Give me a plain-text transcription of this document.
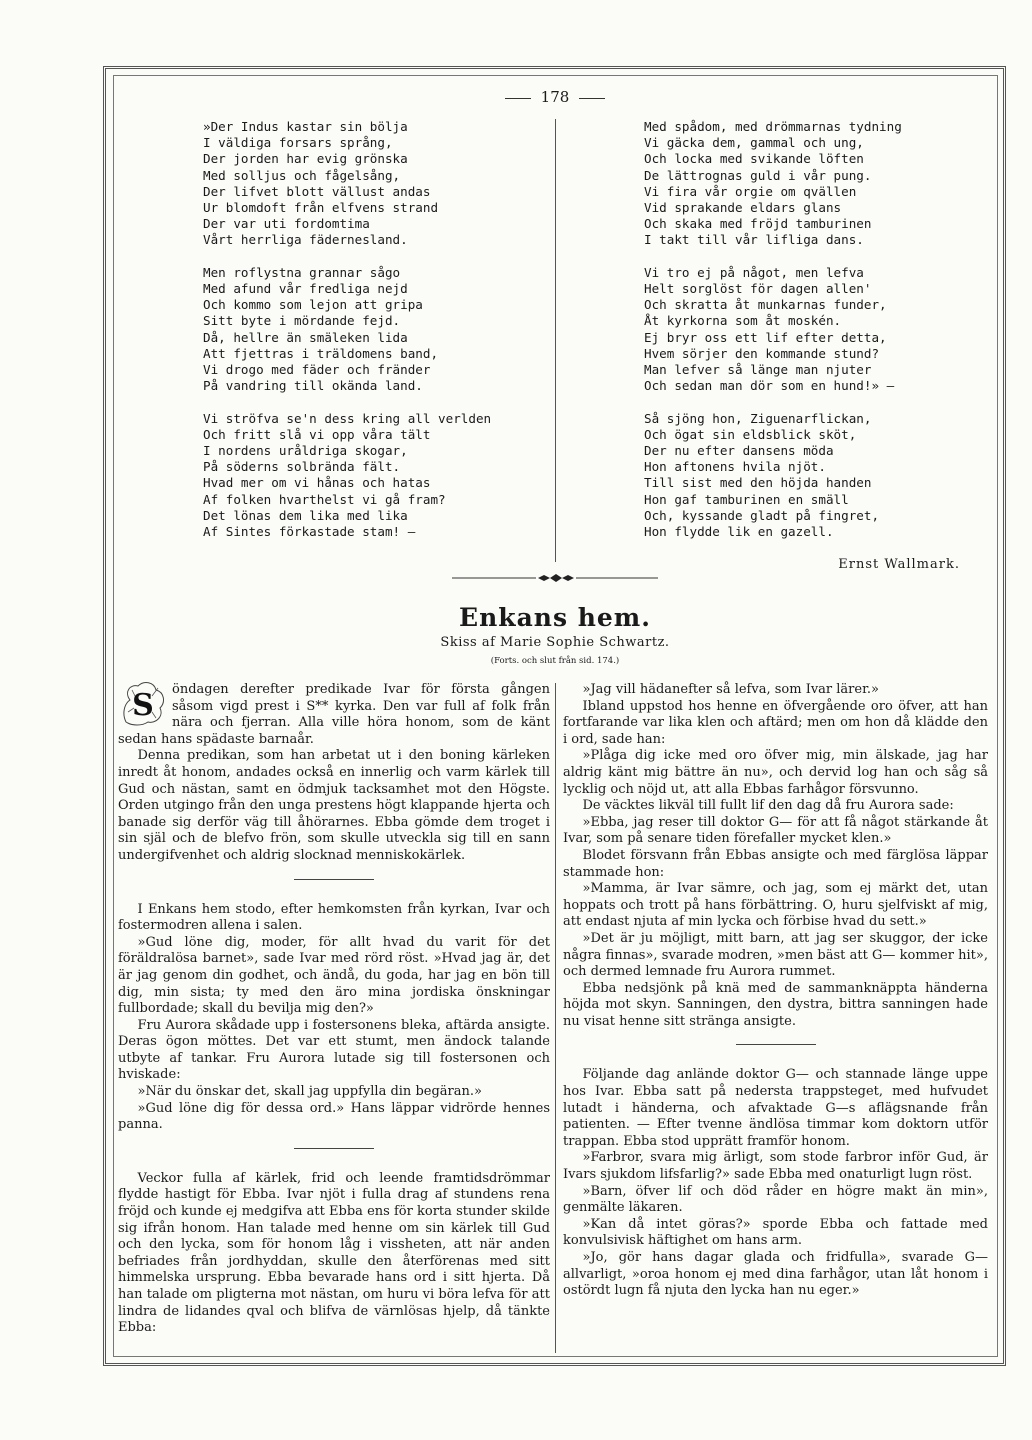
178
»Der Indus kastar sin bölja
I väldiga forsars språng,
Der jorden har evig grönska
Med solljus och fågelsång,
Der lifvet blott vällust andas
Ur blomdoft från elfvens strand
Der var uti fordomtima
Vårt herrliga fädernesland.
Men roflystna grannar sågo
Med afund vår fredliga nejd
Och kommo som lejon att gripa
Sitt byte i mördande fejd.
Då, hellre än smäleken lida
Att fjettras i träldomens band,
Vi drogo med fäder och fränder
På vandring till okända land.
Vi ströfva se'n dess kring all verlden
Och fritt slå vi opp våra tält
I nordens uråldriga skogar,
På söderns solbrända fält.
Hvad mer om vi hånas och hatas
Af folken hvarthelst vi gå fram?
Det lönas dem lika med lika
Af Sintes förkastade stam! —
Med spådom, med drömmarnas tydning
Vi gäcka dem, gammal och ung,
Och locka med svikande löften
De lättrognas guld i vår pung.
Vi fira vår orgie om qvällen
Vid sprakande eldars glans
Och skaka med fröjd tamburinen
I takt till vår lifliga dans.
Vi tro ej på något, men lefva
Helt sorglöst för dagen allen'
Och skratta åt munkarnas funder,
Åt kyrkorna som åt moskén.
Ej bryr oss ett lif efter detta,
Hvem sörjer den kommande stund?
Man lefver så länge man njuter
Och sedan man dör som en hund!» —
Så sjöng hon, Ziguenarflickan,
Och ögat sin eldsblick sköt,
Der nu efter dansens möda
Hon aftonens hvila njöt.
Till sist med den höjda handen
Hon gaf tamburinen en smäll
Och, kyssande gladt på fingret,
Hon flydde lik en gazell.
Ernst Wallmark.
Enkans hem.
Skiss af Marie Sophie Schwartz.
(Forts. och slut från sid. 174.)
S	öndagen derefter predikade Ivar för första gången såsom vigd prest i S** kyrka. Den var full af folk från nära och fjerran. Alla ville höra honom, som de känt sedan hans spädaste barnaår.

Denna predikan, som han arbetat ut i den boning kärleken inredt åt honom, andades också en innerlig och varm kärlek till Gud och nästan, samt en ödmjuk tacksamhet mot den Högste. Orden utgingo från den unga prestens högt klappande hjerta och banade sig derför väg till åhörarnes. Ebba gömde dem troget i sin själ och de blefvo frön, som skulle utveckla sig till en sann undergifvenhet och aldrig slocknad menniskokärlek.

I Enkans hem stodo, efter hemkomsten från kyrkan, Ivar och fostermodren allena i salen.

»Gud löne dig, moder, för allt hvad du varit för det föräldralösa barnet», sade Ivar med rörd röst. »Hvad jag är, det är jag genom din godhet, och ändå, du goda, har jag en bön till dig, min sista; ty med den äro mina jordiska önskningar fullbordade; skall du bevilja mig den?»

Fru Aurora skådade upp i fostersonens bleka, aftärda ansigte. Deras ögon möttes. Det var ett stumt, men ändock talande utbyte af tankar. Fru Aurora lutade sig till fostersonen och hviskade:

»När du önskar det, skall jag uppfylla din begäran.»

»Gud löne dig för dessa ord.» Hans läppar vidrörde hennes panna.

Veckor fulla af kärlek, frid och leende framtidsdrömmar flydde hastigt för Ebba. Ivar njöt i fulla drag af stundens rena fröjd och kunde ej medgifva att Ebba ens för korta stunder skilde sig ifrån honom. Han talade med henne om sin kärlek till Gud och den lycka, som för honom låg i vissheten, att när anden befriades från jordhyddan, skulle den återförenas med sitt himmelska ursprung. Ebba bevarade hans ord i sitt hjerta. Då han talade om pligterna mot nästan, om huru vi böra lefva för att lindra de lidandes qval och blifva de värnlösas hjelp, då tänkte Ebba:

»Jag vill hädanefter så lefva, som Ivar lärer.»

Ibland uppstod hos henne en öfvergående oro öfver, att han fortfarande var lika klen och aftärd; men om hon då klädde den i ord, sade han:

»Plåga dig icke med oro öfver mig, min älskade, jag har aldrig känt mig bättre än nu», och dervid log han och såg så lycklig och nöjd ut, att alla Ebbas farhågor försvunno.

De väcktes likväl till fullt lif den dag då fru Aurora sade:

»Ebba, jag reser till doktor G— för att få något stärkande åt Ivar, som på senare tiden förefaller mycket klen.»

Blodet försvann från Ebbas ansigte och med färglösa läppar stammade hon:

»Mamma, är Ivar sämre, och jag, som ej märkt det, utan hoppats och trott på hans förbättring. O, huru sjelfviskt af mig, att endast njuta af min lycka och förbise hvad du sett.»

»Det är ju möjligt, mitt barn, att jag ser skuggor, der icke några finnas», svarade modren, »men bäst att G— kommer hit», och dermed lemnade fru Aurora rummet.

Ebba nedsjönk på knä med de sammanknäppta händerna höjda mot skyn. Sanningen, den dystra, bittra sanningen hade nu visat henne sitt stränga ansigte.

Följande dag anlände doktor G— och stannade länge uppe hos Ivar. Ebba satt på nedersta trappsteget, med hufvudet lutadt i händerna, och afvaktade G—s aflägsnande från patienten. — Efter tvenne ändlösa timmar kom doktorn utför trappan. Ebba stod upprätt framför honom.

»Farbror, svara mig ärligt, som stode farbror inför Gud, är Ivars sjukdom lifsfarlig?» sade Ebba med onaturligt lugn röst.

»Barn, öfver lif och död råder en högre makt än min», genmälte läkaren.

»Kan då intet göras?» sporde Ebba och fattade med konvulsivisk häftighet om hans arm.

»Jo, gör hans dagar glada och fridfulla», svarade G— allvarligt, »oroa honom ej med dina farhågor, utan låt honom i ostördt lugn få njuta den lycka han nu eger.»
